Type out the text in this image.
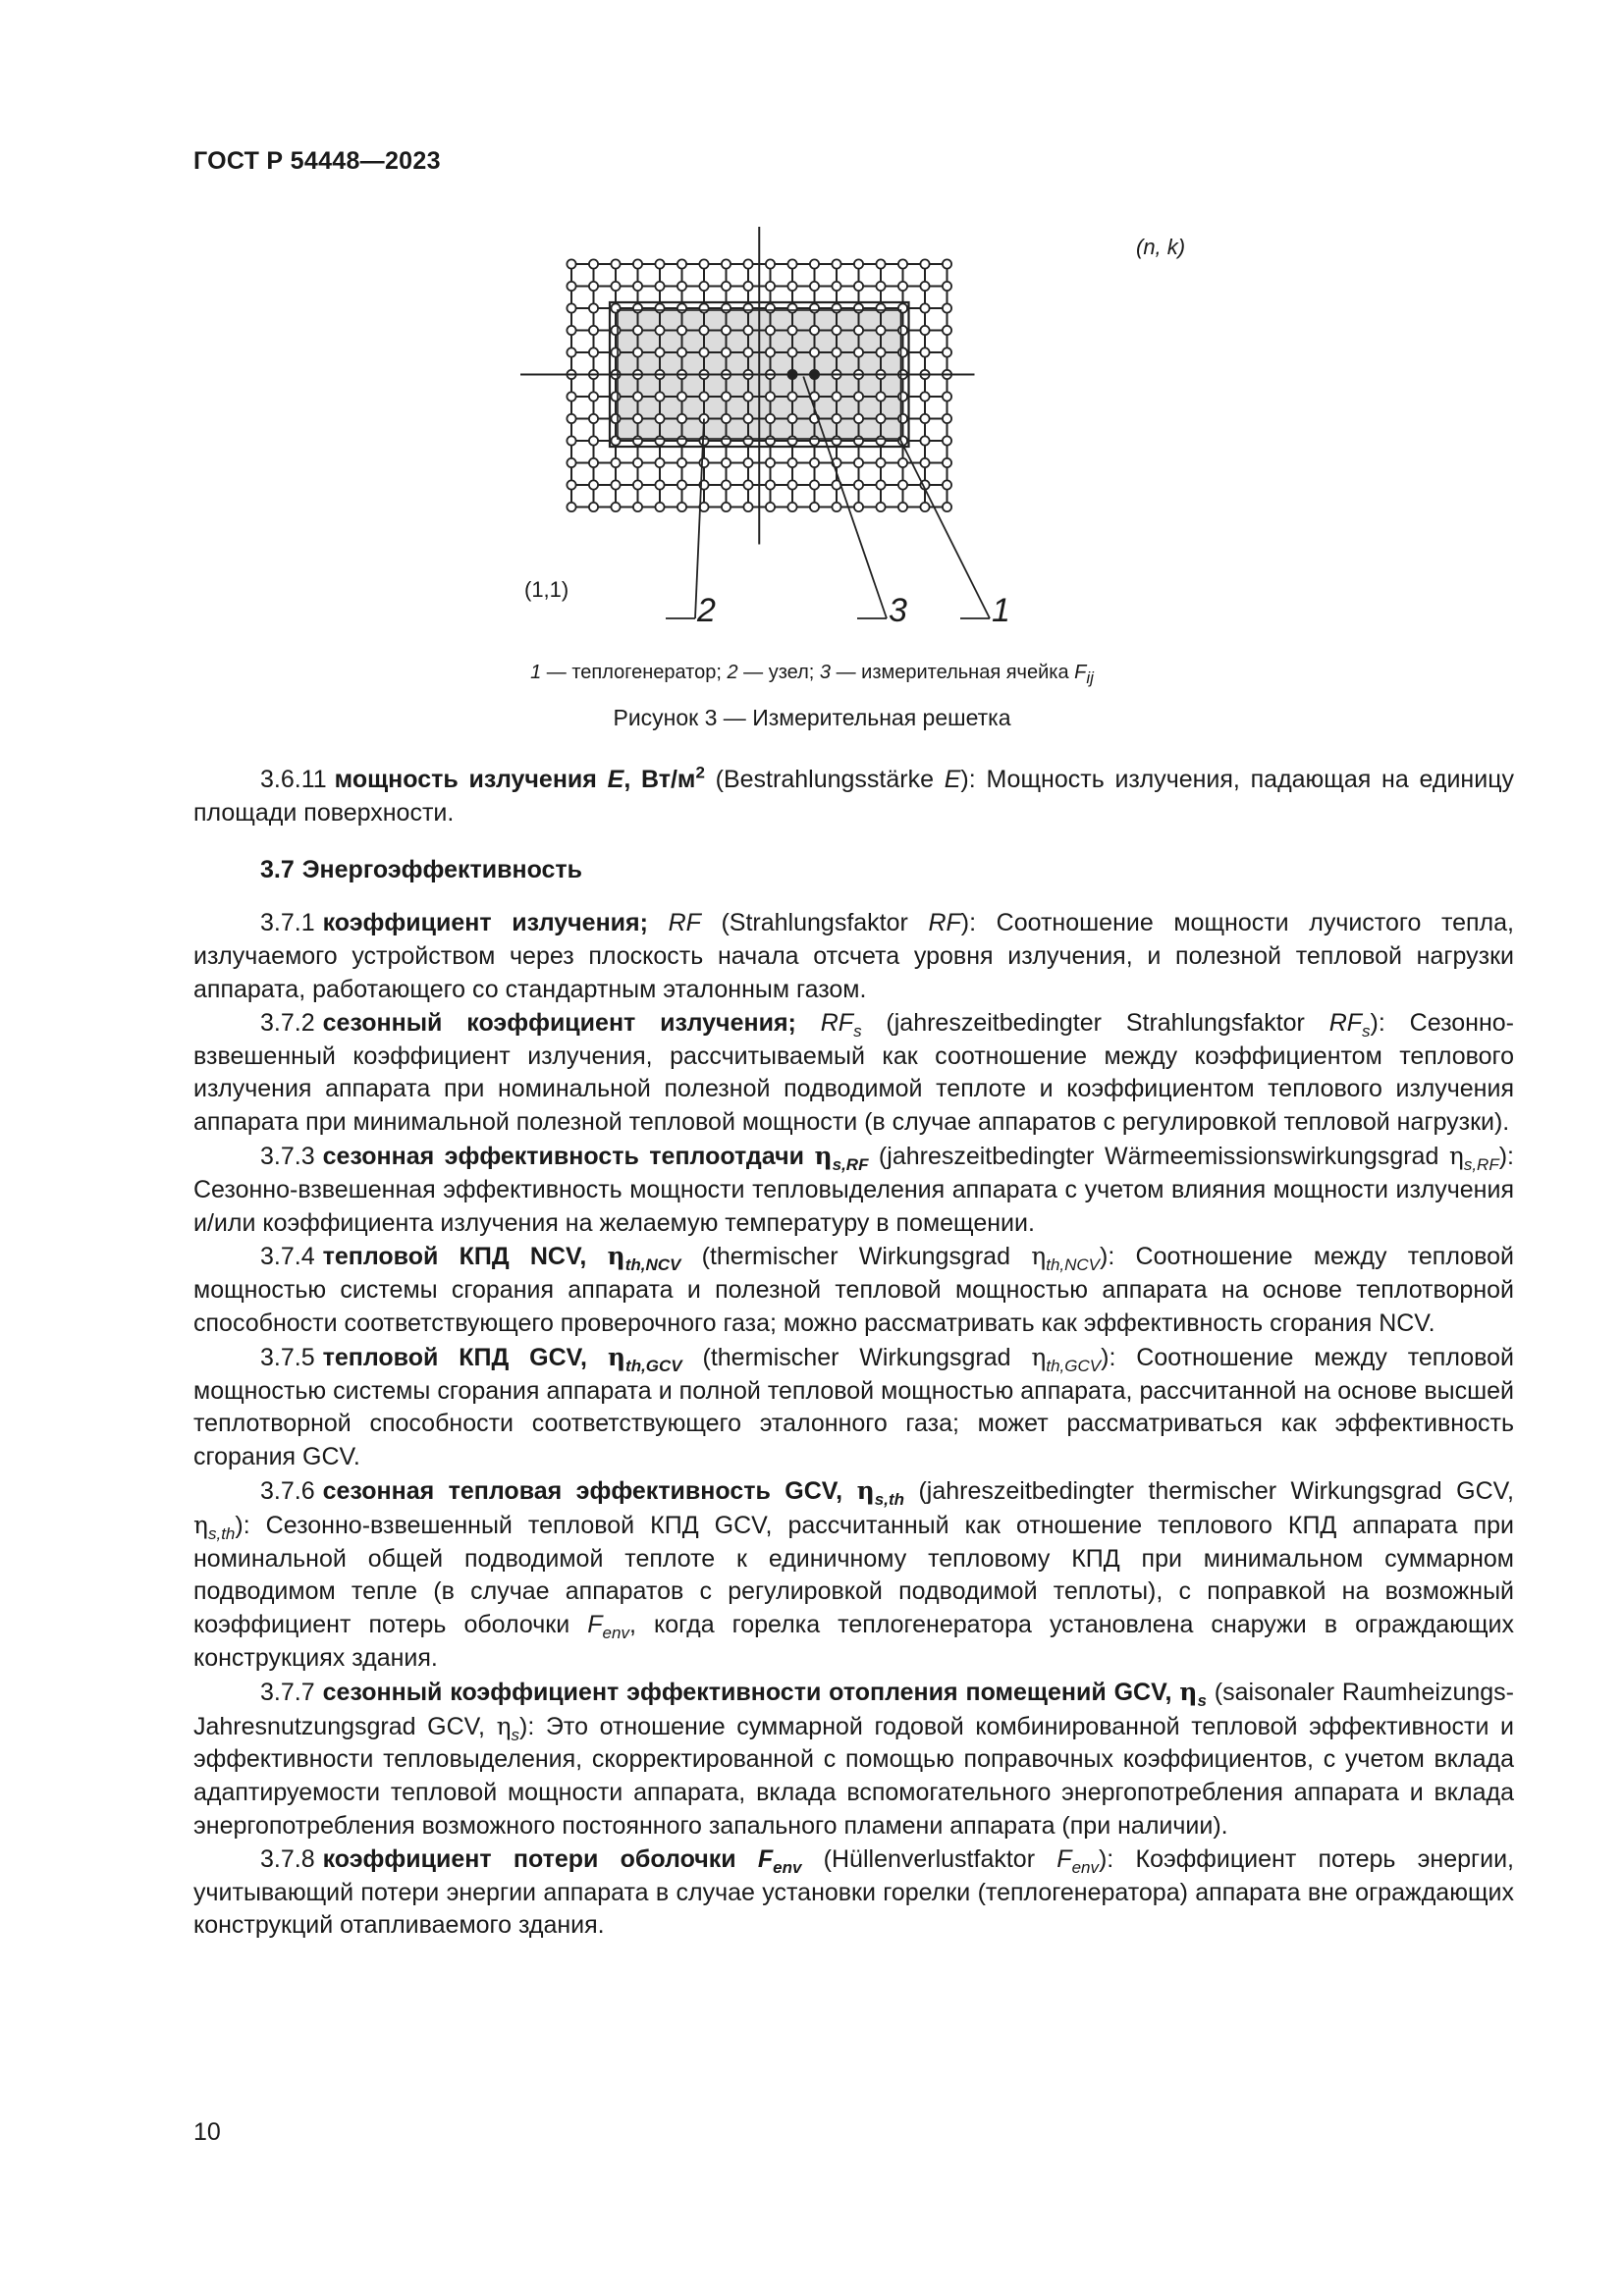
ГОСТ Р 54448—2023
(n, k)
(1,1)
2	3	1
1 — теплогенератор; 2 — узел; 3 — измерительная ячейка $F_{ij}$
Рисунок 3 — Измерительная решетка

3.6.11 мощность излучения E, $Вт/м^2$ (Bestrahlungsstärke E): Мощность излучения, падающая на единицу площади поверхности.

3.7 Энергоэффективность

3.7.1 коэффициент излучения; RF (Strahlungsfaktor RF): Соотношение мощности лучистого тепла, излучаемого устройством через плоскость начала отсчета уровня излучения, и полезной тепловой нагрузки аппарата, работающего со стандартным эталонным газом.

3.7.2 сезонный коэффициент излучения; $RF_s$ (jahreszeitbedingter Strahlungsfaktor $RF_s$): Сезонно-взвешенный коэффициент излучения, рассчитываемый как соотношение между коэффициентом теплового излучения аппарата при номинальной полезной подводимой теплоте и коэффициентом теплового излучения аппарата при минимальной полезной тепловой мощности (в случае аппаратов с регулировкой тепловой нагрузки).

3.7.3 сезонная эффективность теплоотдачи $\eta_{s,RF}$ (jahreszeitbedingter Wärmeemissionswirkungsgrad $\eta_{s,RF}$): Сезонно-взвешенная эффективность мощности тепловыделения аппарата с учетом влияния мощности излучения и/или коэффициента излучения на желаемую температуру в помещении.

3.7.4 тепловой КПД NCV, $\eta_{th,NCV}$ (thermischer Wirkungsgrad $\eta_{th,NCV}$): Соотношение между тепловой мощностью системы сгорания аппарата и полезной тепловой мощностью аппарата на основе теплотворной способности соответствующего проверочного газа; можно рассматривать как эффективность сгорания NCV.

3.7.5 тепловой КПД GCV, $\eta_{th,GCV}$ (thermischer Wirkungsgrad $\eta_{th,GCV}$): Соотношение между тепловой мощностью системы сгорания аппарата и полной тепловой мощностью аппарата, рассчитанной на основе высшей теплотворной способности соответствующего эталонного газа; может рассматриваться как эффективность сгорания GCV.

3.7.6 сезонная тепловая эффективность GCV, $\eta_{s,th}$ (jahreszeitbedingter thermischer Wirkungsgrad GCV, $\eta_{s,th}$): Сезонно-взвешенный тепловой КПД GCV, рассчитанный как отношение теплового КПД аппарата при номинальной общей подводимой теплоте к единичному тепловому КПД при минимальном суммарном подводимом тепле (в случае аппаратов с регулировкой подводимой теплоты), с поправкой на возможный коэффициент потерь оболочки $F_{env}$, когда горелка теплогенератора установлена снаружи в ограждающих конструкциях здания.

3.7.7 сезонный коэффициент эффективности отопления помещений GCV, $\eta_s$ (saisonaler Raumheizungs-Jahresnutzungsgrad GCV, $\eta_s$): Это отношение суммарной годовой комбинированной тепловой эффективности и эффективности тепловыделения, скорректированной с помощью поправочных коэффициентов, с учетом вклада адаптируемости тепловой мощности аппарата, вклада вспомогательного энергопотребления аппарата и вклада энергопотребления возможного постоянного запального пламени аппарата (при наличии).

3.7.8 коэффициент потери оболочки $F_{env}$ (Hüllenverlustfaktor $F_{env}$): Коэффициент потерь энергии, учитывающий потери энергии аппарата в случае установки горелки (теплогенератора) аппарата вне ограждающих конструкций отапливаемого здания.

10
